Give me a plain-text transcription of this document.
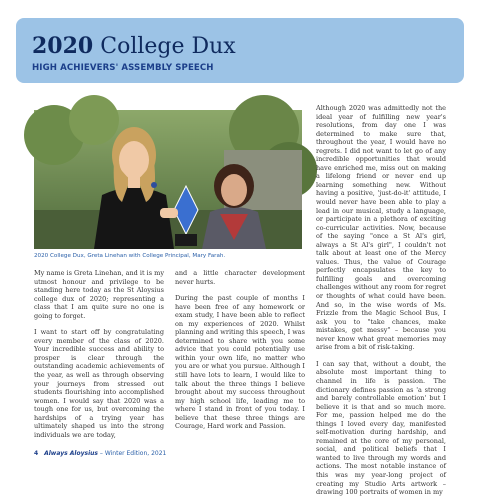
2020 College Dux
HIGH ACHIEVERS' ASSEMBLY SPEECH
2020 College Dux, Greta Linehan with College Principal, Mary Farah.

My name is Greta Linehan, and it is my utmost honour and privilege to be standing here today as the St Aloysius college dux of 2020; representing a class that I am quite sure no one is going to forget.

I want to start off by congratulating every member of the class of 2020. Your incredible success and ability to prosper is clear through the outstanding academic achievements of the year, as well as through observing your journeys from stressed out students flourishing into accomplished women. I would say that 2020 was a tough one for us, but overcoming the hardships of a trying year has ultimately shaped us into the strong individuals we are today,

and a little character development never hurts.

During the past couple of months I have been free of any homework or exam study, I have been able to reflect on my experiences of 2020. Whilst planning and writing this speech, I was determined to share with you some advice that you could potentially use within your own life, no matter who you are or what you pursue. Although I still have lots to learn, I would like to talk about the three things I believe brought about my success throughout my high school life, leading me to where I stand in front of you today. I believe that these three things are Courage, Hard work and Passion.

Although 2020 was admittedly not the ideal year of fulfilling new year's resolutions, from day one I was determined to make sure that, throughout the year, I would have no regrets. I did not want to let go of any incredible opportunities that would have enriched me, miss out on making a lifelong friend or never end up learning something new. Without having a positive, 'just-do-it' attitude, I would never have been able to play a lead in our musical, study a language, or participate in a plethora of exciting co-curricular activities. Now, because of the saying "once a St Al's girl, always a St Al's girl", I couldn't not talk about at least one of the Mercy values. Thus, the value of Courage perfectly encapsulates the key to fulfilling goals and overcoming challenges without any room for regret or thoughts of what could have been. And so, in the wise words of Ms. Frizzle from the Magic School Bus, I ask you to "take chances, make mistakes, get messy" – because you never know what great memories may arise from a bit of risk-taking.

I can say that, without a doubt, the absolute most important thing to channel in life is passion. The dictionary defines passion as 'a strong and barely controllable emotion' but I believe it is that and so much more. For me, passion helped me do the things I loved every day, manifested self-motivation during hardship, and remained at the core of my personal, social, and political beliefs that I wanted to live through my words and actions. The most notable instance of this was my year-long project of creating my Studio Arts artwork – drawing 100 portraits of women in my

4 Always Aloysius – Winter Edition, 2021
